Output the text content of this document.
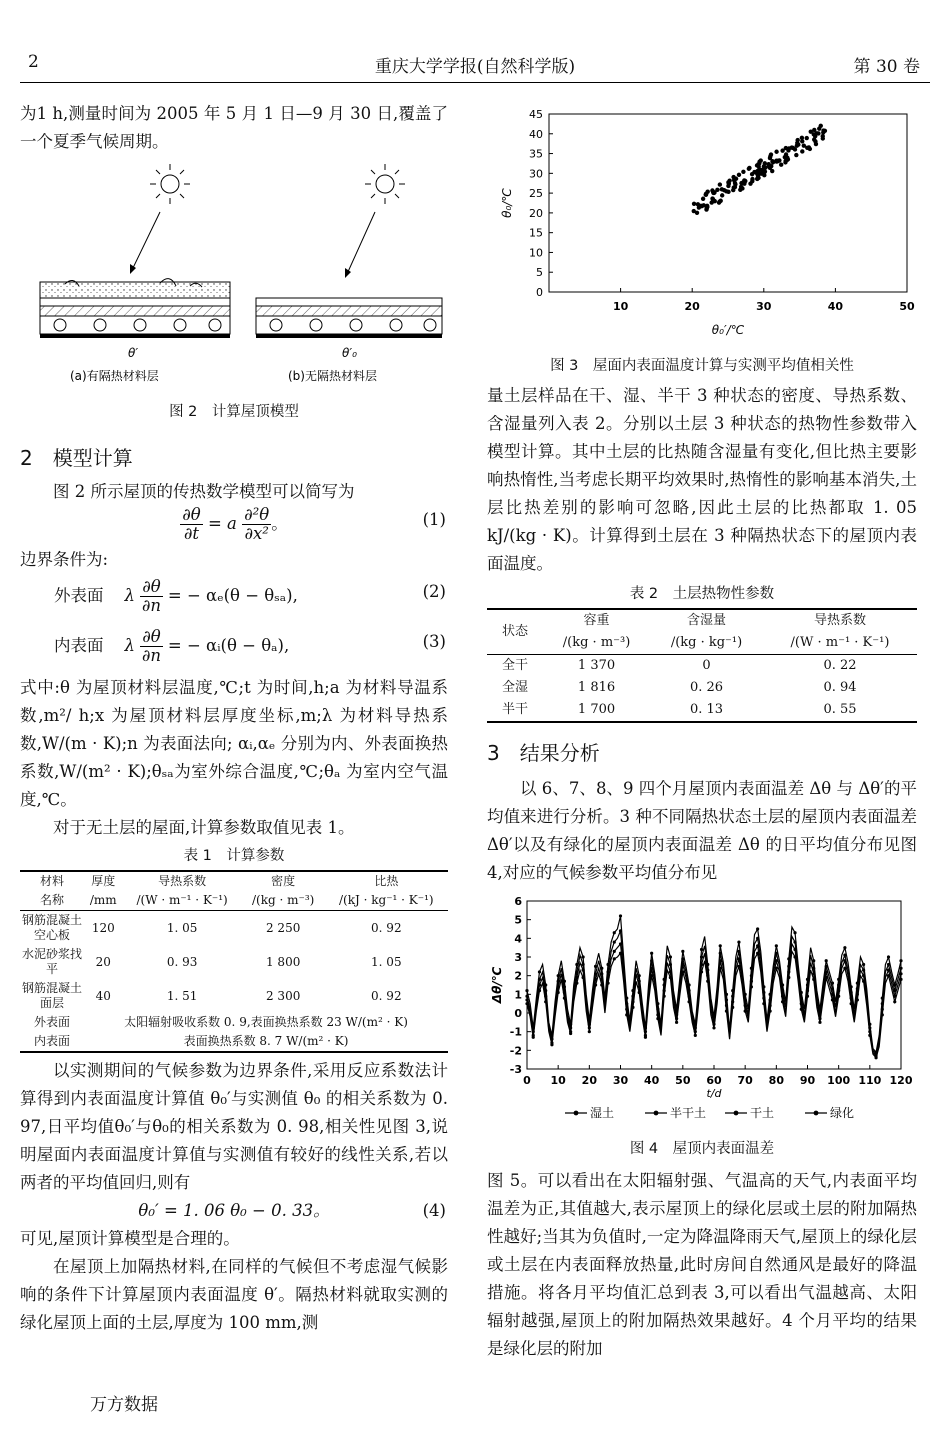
2	重庆大学学报(自然科学版)	第 30 卷

为1 h,测量时间为 2005 年 5 月 1 日—9 月 30 日,覆盖了一个夏季气候周期。

θ′
(a)有隔热材料层
θ′₀
(b)无隔热材料层
图 2　计算屋顶模型
2　模型计算

图 2 所示屋顶的传热数学模型可以简写为

$\frac{\partial\theta}{\partial t} = a \frac{\text{∂²θ}}{\text{∂x²}}$ 。	(1)

边界条件为:

外表面 λ $\frac{\partial\theta}{\partial n}$ = − αₑ(θ − θₛₐ),	(2)
内表面 λ $\frac{\partial\theta}{\partial n}$ = − αᵢ(θ − θₐ),	(3)

式中:θ 为屋顶材料层温度,℃;t 为时间,h;a 为材料导温系数,m²/ h;x 为屋顶材料层厚度坐标,m;λ 为材料导热系数,W/(m · K);n 为表面法向; αᵢ,αₑ 分别为内、外表面换热系数,W/(m² · K);θₛₐ为室外综合温度,℃;θₐ 为室内空气温度,℃。

对于无土层的屋面,计算参数取值见表 1。

表 1　计算参数
材料	厚度	导热系数	密度	比热
名称	/mm	/(W · m⁻¹ · K⁻¹)	/(kg · m⁻³)	/(kJ · kg⁻¹ · K⁻¹)
钢筋混凝土空心板	120	1. 05	2 250	0. 92
水泥砂浆找平	20	0. 93	1 800	1. 05
钢筋混凝土面层	40	1. 51	2 300	0. 92
外表面	太阳辐射吸收系数 0. 9,表面换热系数 23 W/(m² · K)			
内表面	表面换热系数 8. 7 W/(m² · K)			

以实测期间的气候参数为边界条件,采用反应系数法计算得到内表面温度计算值 θ₀′与实测值 θ₀ 的相关系数为 0. 97,日平均值θ₀′与θ₀的相关系数为 0. 98,相关性见图 3,说明屋面内表面温度计算值与实测值有较好的线性关系,若以两者的平均值回归,则有

θ₀′ = 1. 06 θ₀ − 0. 33。	(4)

可见,屋顶计算模型是合理的。

在屋顶上加隔热材料,在同样的气候但不考虑湿气候影响的条件下计算屋顶内表面温度 θ′。隔热材料就取实测的绿化屋顶上面的土层,厚度为 100 mm,测

0
5
10
15
20
25
30
35
40
45
10	20	30	40	50
θ₀′/℃
θ₀/℃
图 3　屋面内表面温度计算与实测平均值相关性

量土层样品在干、湿、半干 3 种状态的密度、导热系数、含湿量列入表 2。分别以土层 3 种状态的热物性参数带入模型计算。其中土层的比热随含湿量有变化,但比热主要影响热惰性,当考虑长期平均效果时,热惰性的影响基本消失,土层比热差别的影响可忽略,因此土层的比热都取 1. 05 kJ/(kg · K)。计算得到土层在 3 种隔热状态下的屋顶内表面温度。

表 2　土层热物性参数
状态	容重	含湿量	导热系数
	/(kg · m⁻³)	/(kg · kg⁻¹)	/(W · m⁻¹ · K⁻¹)
全干	1 370	0	0. 22
全湿	1 816	0. 26	0. 94
半干	1 700	0. 13	0. 55
3　结果分析

以 6、7、8、9 四个月屋顶内表面温差 Δθ 与 Δθ′的平均值来进行分析。3 种不同隔热状态土层的屋顶内表面温差 Δθ′以及有绿化的屋顶内表面温差 Δθ 的日平均值分布见图 4,对应的气候参数平均值分布见

-3
-2
-1
0
1
2
3
4
5
6
0 10 20 30 40 50 60 70 80 90 100 110 120
t/d
Δθ/℃
湿土	半干土	干土	绿化
图 4　屋顶内表面温差

图 5。可以看出在太阳辐射强、气温高的天气,内表面平均温差为正,其值越大,表示屋顶上的绿化层或土层的附加隔热性越好;当其为负值时,一定为降温降雨天气,屋顶上的绿化层或土层在内表面释放热量,此时房间自然通风是最好的降温措施。将各月平均值汇总到表 3,可以看出气温越高、太阳辐射越强,屋顶上的附加隔热效果越好。4 个月平均的结果是绿化层的附加

万方数据
